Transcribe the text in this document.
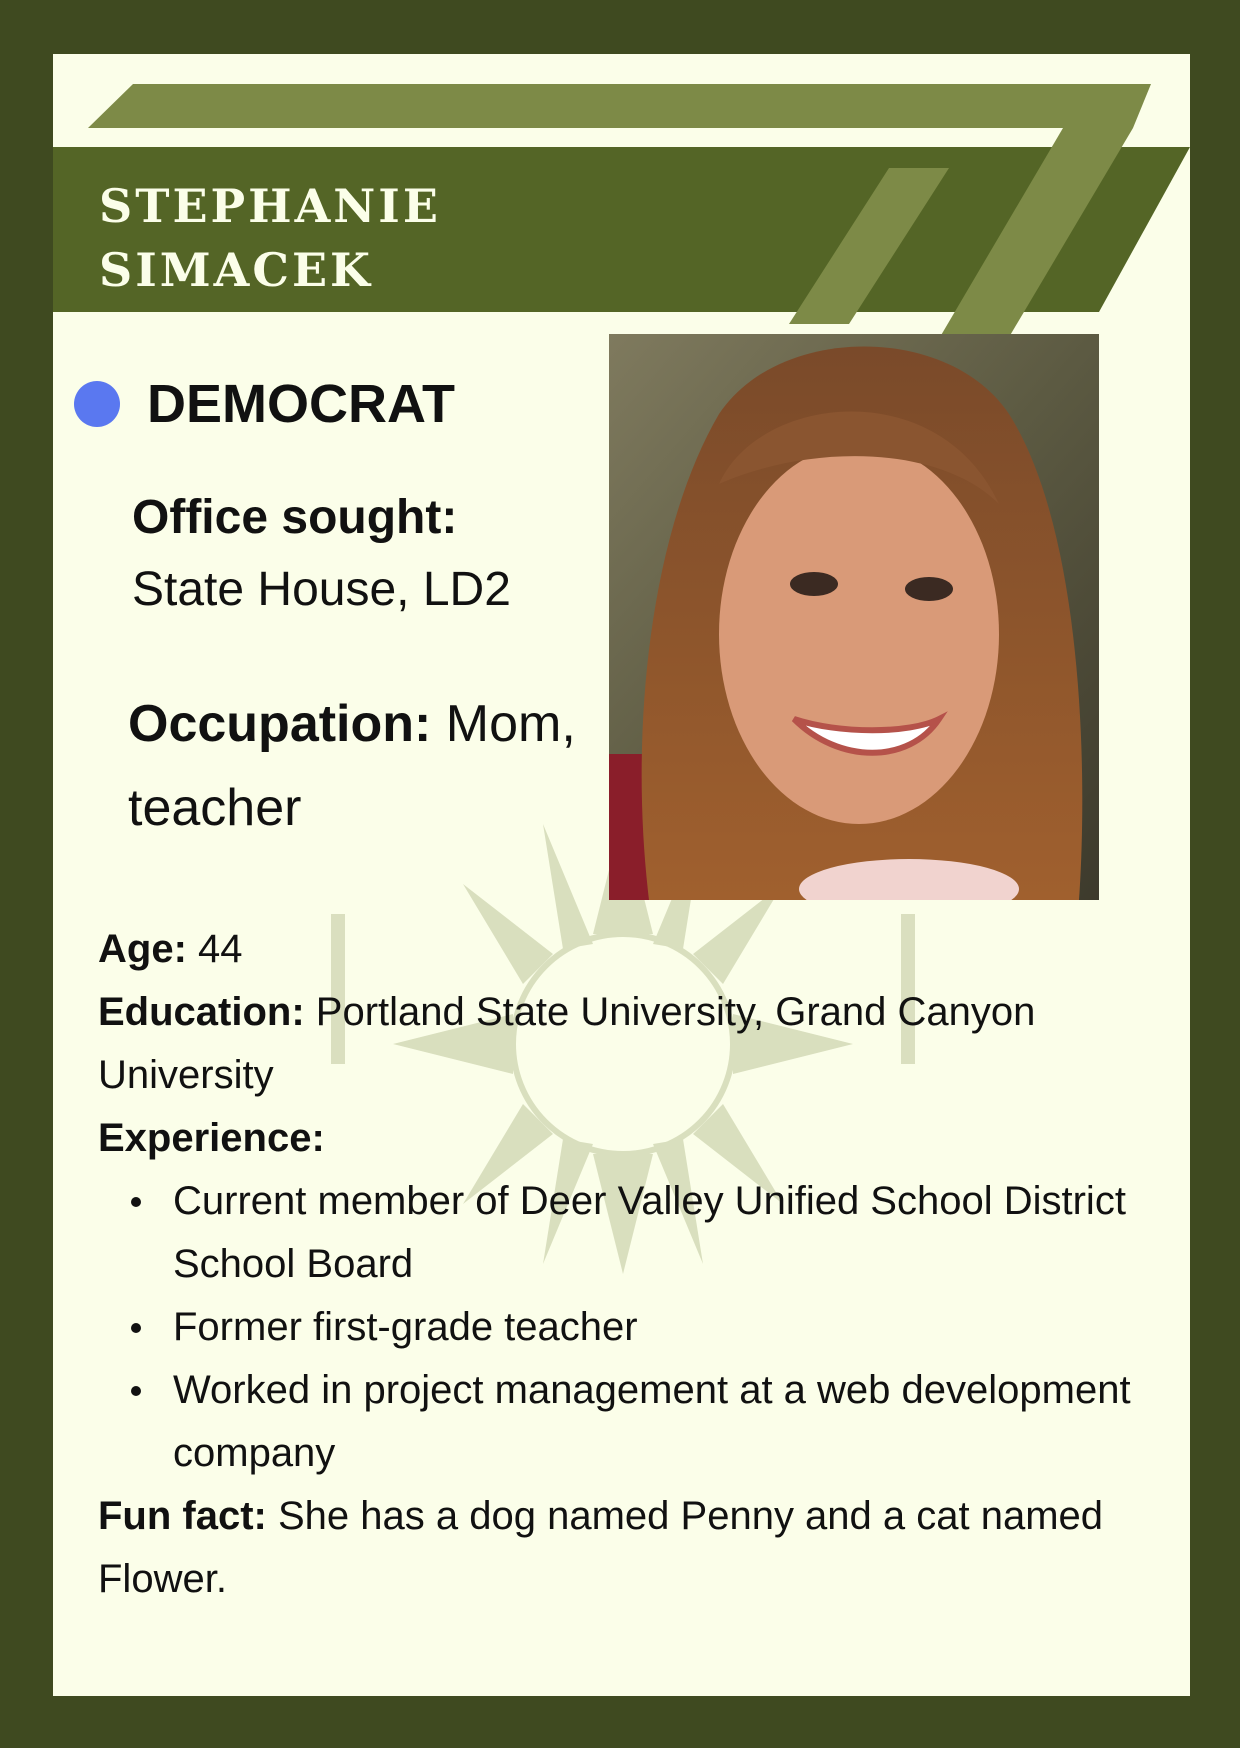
STEPHANIE
SIMACEK
DEMOCRAT
Office sought:
State House, LD2

Occupation: Mom, teacher

Age: 44

Education: Portland State University, Grand Canyon University

Experience:

Current member of Deer Valley Unified School District School Board
Former first-grade teacher
Worked in project management at a web development company

Fun fact: She has a dog named Penny and a cat named Flower.
